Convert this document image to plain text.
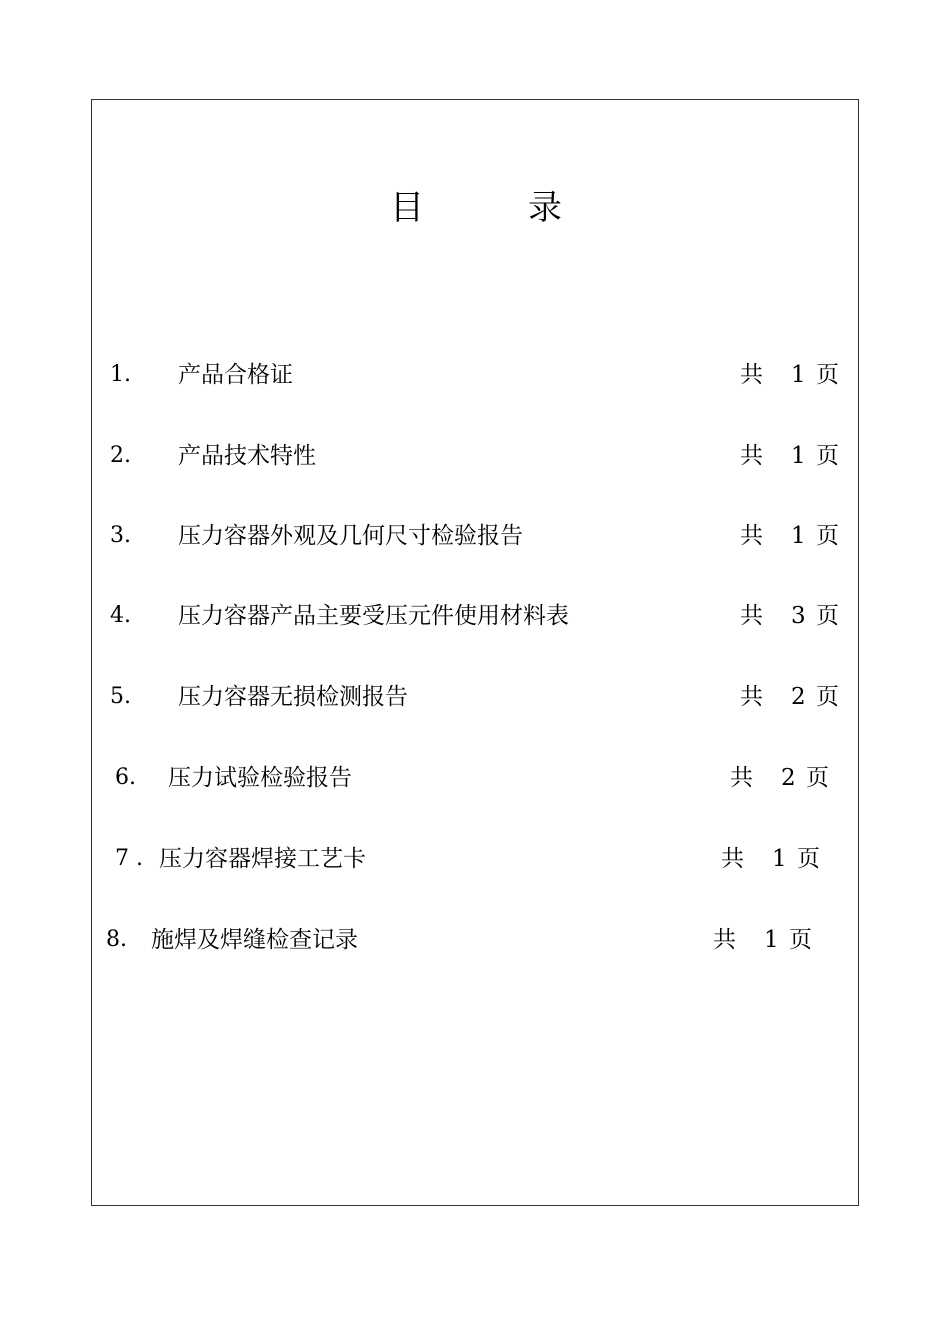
目	录
1. 产品合格证	共 1 页
2. 产品技术特性	共 1 页
3. 压力容器外观及几何尺寸检验报告	共 1 页
4. 压力容器产品主要受压元件使用材料表	共 3 页
5. 压力容器无损检测报告	共 2 页
6. 压力试验检验报告	共 2 页
7 . 压力容器焊接工艺卡	共 1 页
8. 施焊及焊缝检查记录	共 1 页
